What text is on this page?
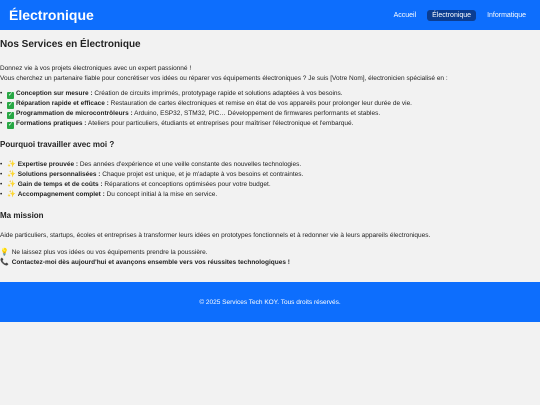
Électronique	Accueil	Électronique	Informatique
Nos Services en Électronique

Donnez vie à vos projets électroniques avec un expert passionné !

Vous cherchez un partenaire fiable pour concrétiser vos idées ou réparer vos équipements électroniques ? Je suis [Votre Nom], électronicien spécialisé en :

• ✓ Conception sur mesure : Création de circuits imprimés, prototypage rapide et solutions adaptées à vos besoins.
• ✓ Réparation rapide et efficace : Restauration de cartes électroniques et remise en état de vos appareils pour prolonger leur durée de vie.
• ✓ Programmation de microcontrôleurs : Arduino, ESP32, STM32, PIC… Développement de firmwares performants et stables.
• ✓ Formations pratiques : Ateliers pour particuliers, étudiants et entreprises pour maîtriser l'électronique et l'embarqué.
Pourquoi travailler avec moi ?
• ✨ Expertise prouvée : Des années d'expérience et une veille constante des nouvelles technologies.
• ✨ Solutions personnalisées : Chaque projet est unique, et je m'adapte à vos besoins et contraintes.
• ✨ Gain de temps et de coûts : Réparations et conceptions optimisées pour votre budget.
• ✨ Accompagnement complet : Du concept initial à la mise en service.
Ma mission

Aide particuliers, startups, écoles et entreprises à transformer leurs idées en prototypes fonctionnels et à redonner vie à leurs appareils électroniques.

💡 Ne laissez plus vos idées ou vos équipements prendre la poussière.

📞 Contactez-moi dès aujourd'hui et avançons ensemble vers vos réussites technologiques !

© 2025 Services Tech KOY. Tous droits réservés.
